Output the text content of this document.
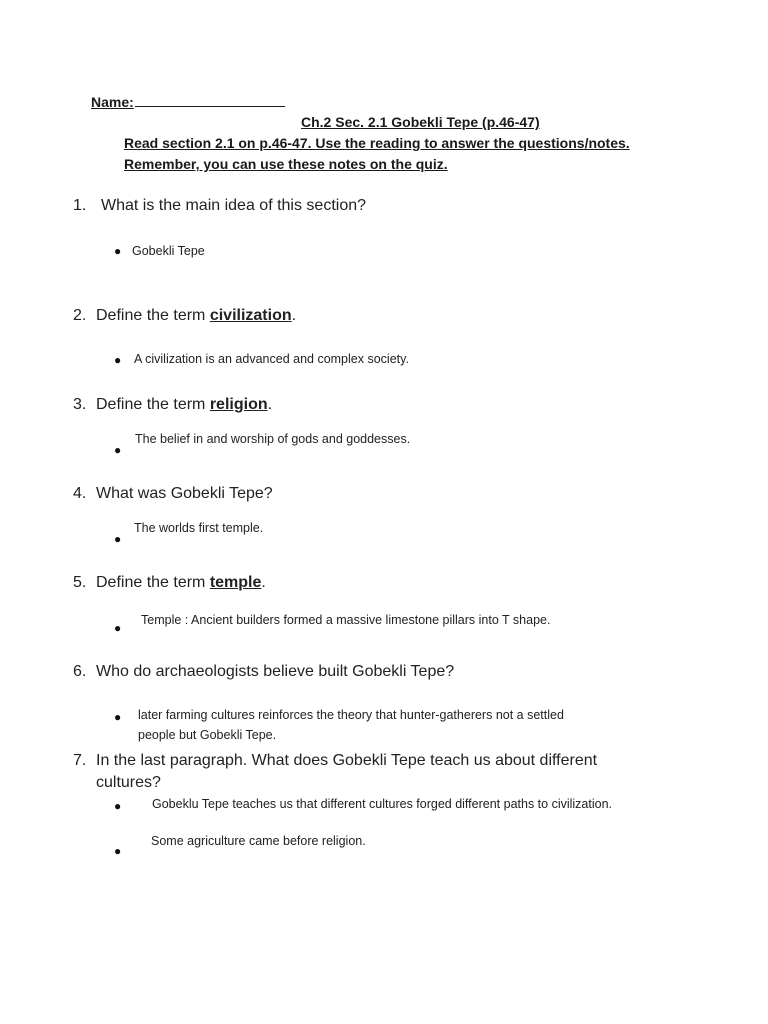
Name:
Ch.2 Sec. 2.1 Gobekli Tepe (p.46-47)
Read section 2.1 on p.46-47. Use the reading to answer the questions/notes.
Remember, you can use these notes on the quiz.
1. What is the main idea of this section?
● Gobekli Tepe
2. Define the term civilization.
● A civilization is an advanced and complex society.
3. Define the term religion.
The belief in and worship of gods and goddesses.
●
4. What was Gobekli Tepe?
The worlds first temple.
●
5. Define the term temple.
Temple : Ancient builders formed a massive limestone pillars into T shape.
●
6. Who do archaeologists believe built Gobekli Tepe?
● later farming cultures reinforces the theory that hunter-gatherers not a settled
people but Gobekli Tepe.
7. In the last paragraph. What does Gobekli Tepe teach us about different
cultures?
● Gobeklu Tepe teaches us that different cultures forged different paths to civilization.
Some agriculture came before religion.
●
